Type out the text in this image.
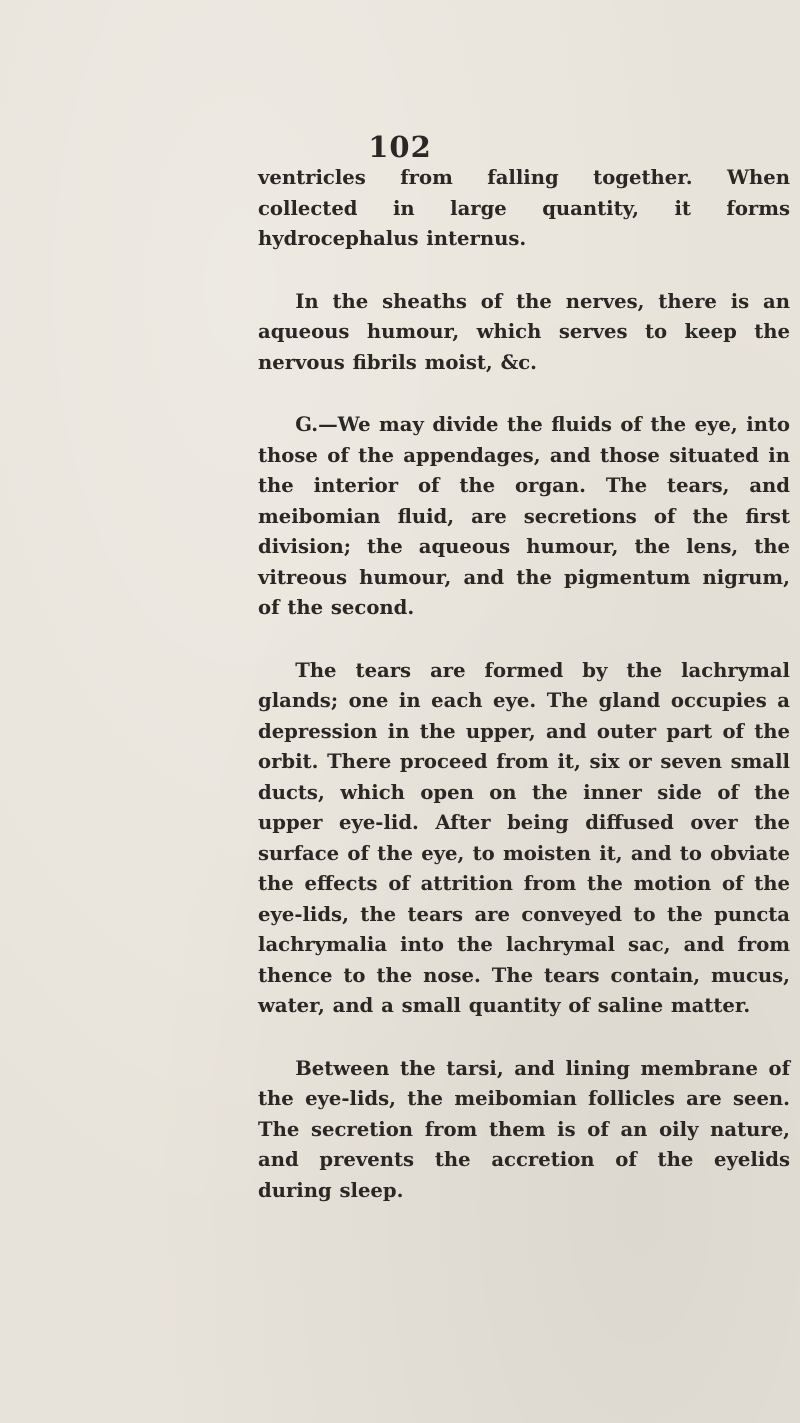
102

ventricles from falling together. When collected in large quantity, it forms hydrocephalus internus.

In the sheaths of the nerves, there is an aqueous humour, which serves to keep the nervous fibrils moist, &c.

G.—We may divide the fluids of the eye, into those of the appendages, and those situated in the interior of the organ. The tears, and meibomian fluid, are secretions of the first division; the aqueous humour, the lens, the vitreous humour, and the pigmentum nigrum, of the second.

The tears are formed by the lachrymal glands; one in each eye. The gland occupies a depression in the upper, and outer part of the orbit. There proceed from it, six or seven small ducts, which open on the inner side of the upper eye-lid. After being diffused over the surface of the eye, to moisten it, and to obviate the effects of attrition from the motion of the eye-lids, the tears are conveyed to the puncta lachrymalia into the lachrymal sac, and from thence to the nose. The tears contain, mucus, water, and a small quantity of saline matter.

Between the tarsi, and lining membrane of the eye-lids, the meibomian follicles are seen. The secretion from them is of an oily nature, and prevents the accretion of the eyelids during sleep.
